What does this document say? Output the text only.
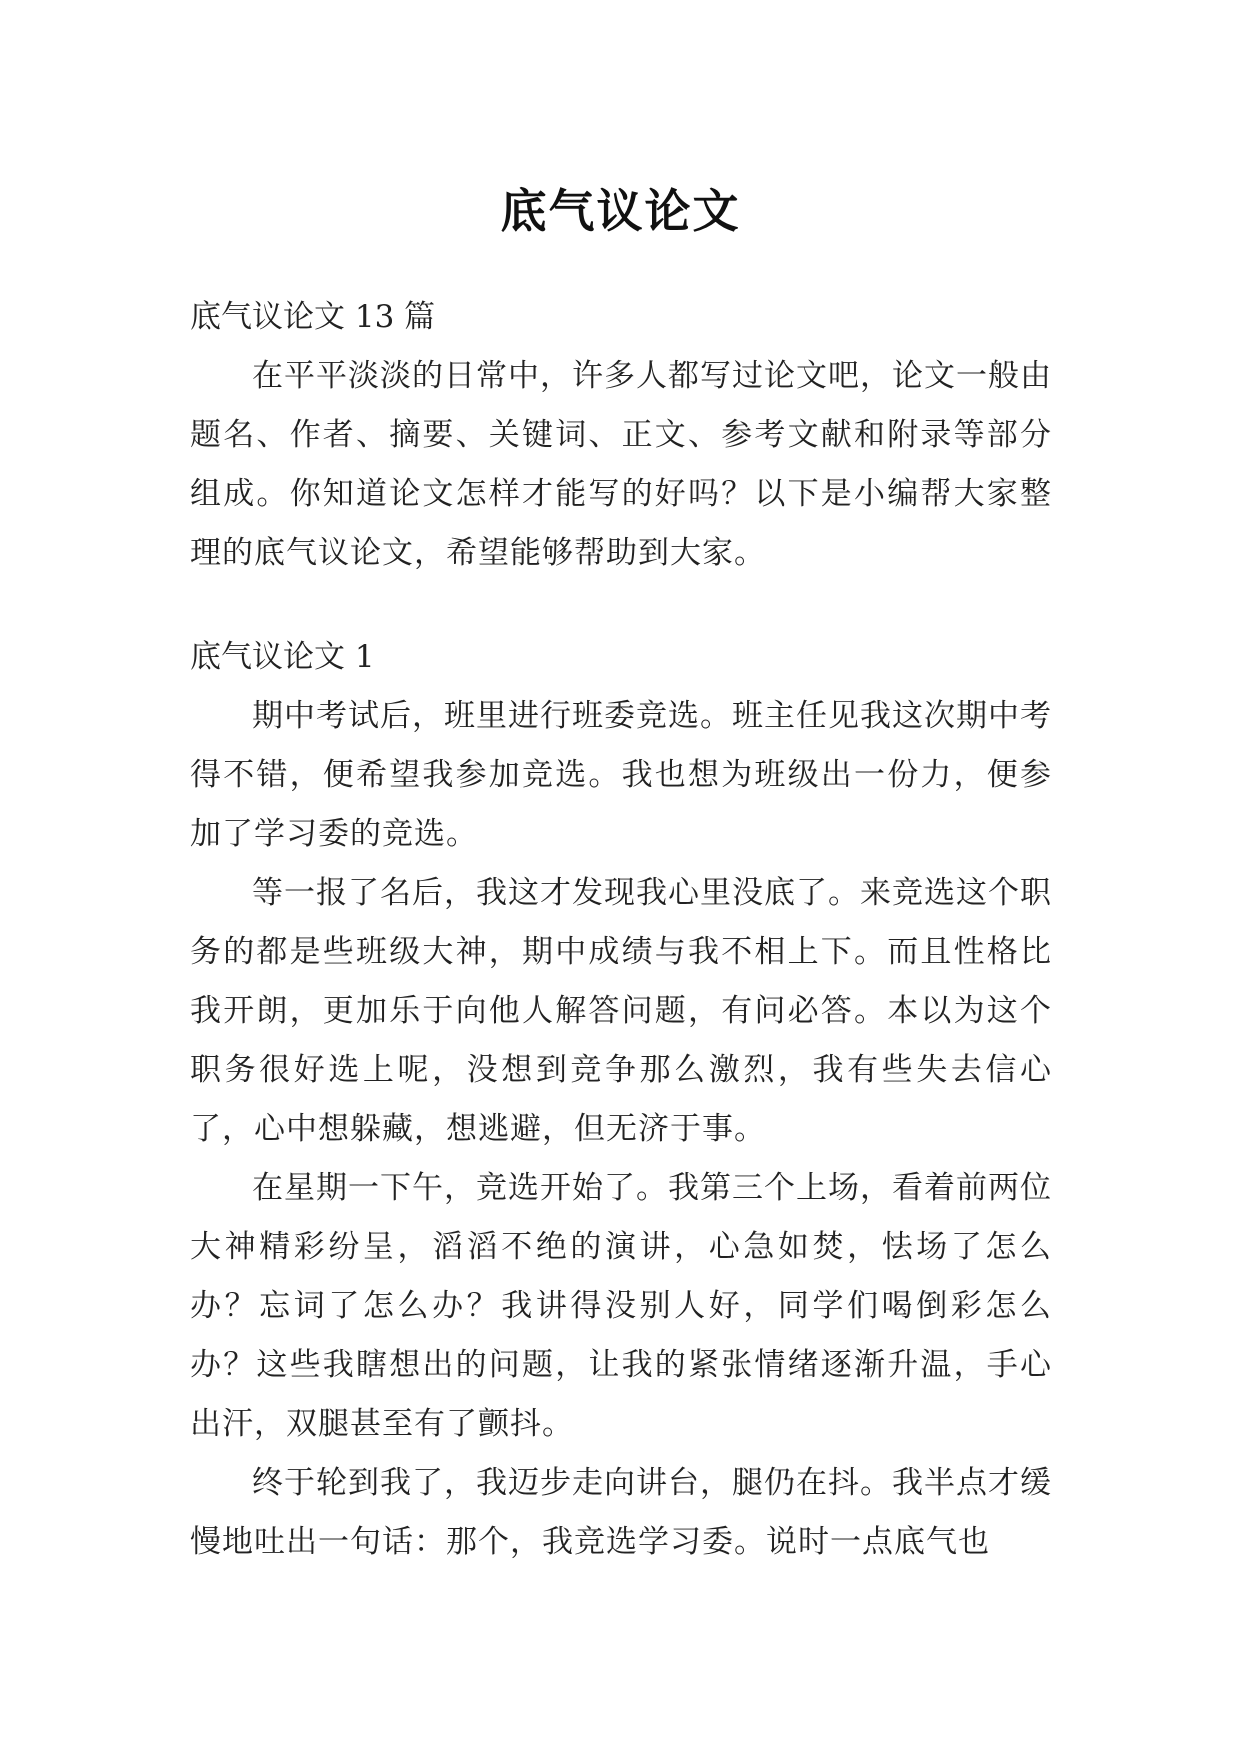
底气议论文

底气议论文 13 篇

在平平淡淡的日常中，许多人都写过论文吧，论文一般由题名、作者、摘要、关键词、正文、参考文献和附录等部分组成。你知道论文怎样才能写的好吗？以下是小编帮大家整理的底气议论文，希望能够帮助到大家。

底气议论文 1

期中考试后，班里进行班委竞选。班主任见我这次期中考得不错，便希望我参加竞选。我也想为班级出一份力，便参加了学习委的竞选。

等一报了名后，我这才发现我心里没底了。来竞选这个职务的都是些班级大神，期中成绩与我不相上下。而且性格比我开朗，更加乐于向他人解答问题，有问必答。本以为这个职务很好选上呢，没想到竞争那么激烈，我有些失去信心了，心中想躲藏，想逃避，但无济于事。

在星期一下午，竞选开始了。我第三个上场，看着前两位大神精彩纷呈，滔滔不绝的演讲，心急如焚，怯场了怎么办？忘词了怎么办？我讲得没别人好，同学们喝倒彩怎么办？这些我瞎想出的问题，让我的紧张情绪逐渐升温，手心出汗，双腿甚至有了颤抖。

终于轮到我了，我迈步走向讲台，腿仍在抖。我半点才缓慢地吐出一句话：那个，我竞选学习委。说时一点底气也
